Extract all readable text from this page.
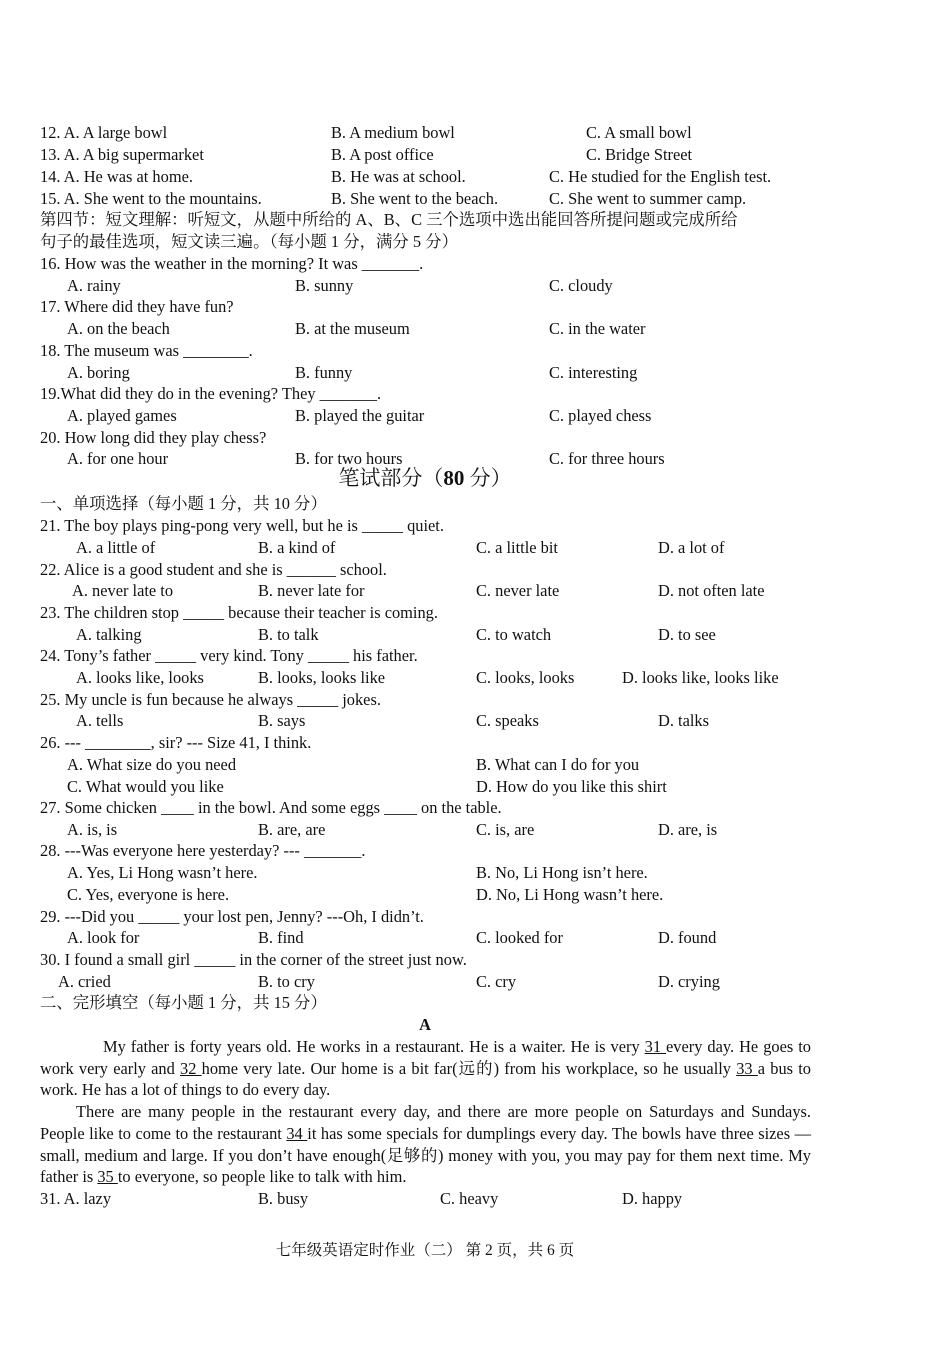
12. A. A large bowl	B. A medium bowl	C. A small bowl
13. A. A big supermarket	B. A post office	C. Bridge Street
14. A. He was at home.	B. He was at school.	C. He studied for the English test.
15. A. She went to the mountains.	B. She went to the beach.	C. She went to summer camp.
第四节：短文理解：听短文，从题中所给的 A、B、C 三个选项中选出能回答所提问题或完成所给
句子的最佳选项，短文读三遍。（每小题 1 分，满分 5 分）
16. How was the weather in the morning? It was _______.
A. rainy	B. sunny	C. cloudy
17. Where did they have fun?
A. on the beach	B. at the museum	C. in the water
18. The museum was ________.
A. boring	B. funny	C. interesting
19.What did they do in the evening? They _______.
A. played games	B. played the guitar	C. played chess
20. How long did they play chess?
A. for one hour	B. for two hours	C. for three hours
笔试部分（80 分）
一、单项选择（每小题 1 分，共 10 分）
21. The boy plays ping-pong very well, but he is _____ quiet.
A. a little of	B. a kind of	C. a little bit	D. a lot of
22. Alice is a good student and she is ______ school.
A. never late to	B. never late for	C. never late	D. not often late
23. The children stop _____ because their teacher is coming.
A. talking	B. to talk	C. to watch	D. to see
24. Tony’s father _____ very kind. Tony _____ his father.
A. looks like, looks	B. looks, looks like	C. looks, looks	D. looks like, looks like
25. My uncle is fun because he always _____ jokes.
A. tells	B. says	C. speaks	D. talks
26. --- ________, sir? --- Size 41, I think.
A. What size do you need	B. What can I do for you
C. What would you like	D. How do you like this shirt
27. Some chicken ____ in the bowl. And some eggs ____ on the table.
A. is, is	B. are, are	C. is, are	D. are, is
28. ---Was everyone here yesterday? --- _______.
A. Yes, Li Hong wasn’t here.	B. No, Li Hong isn’t here.
C. Yes, everyone is here.	D. No, Li Hong wasn’t here.
29. ---Did you _____ your lost pen, Jenny? ---Oh, I didn’t.
A. look for	B. find	C. looked for	D. found
30. I found a small girl _____ in the corner of the street just now.
A. cried	B. to cry	C. cry	D. crying
二、完形填空（每小题 1 分，共 15 分）
A

My father is forty years old. He works in a restaurant. He is a waiter. He is very 31 every day. He goes to work very early and 32 home very late. Our home is a bit far(远的) from his workplace, so he usually 33 a bus to work. He has a lot of things to do every day.

There are many people in the restaurant every day, and there are more people on Saturdays and Sundays. People like to come to the restaurant 34 it has some specials for dumplings every day. The bowls have three sizes —small, medium and large. If you don’t have enough(足够的) money with you, you may pay for them next time. My father is 35 to everyone, so people like to talk with him.

31. A. lazy	B. busy	C. heavy	D. happy
七年级英语定时作业（二） 第 2 页，共 6 页
